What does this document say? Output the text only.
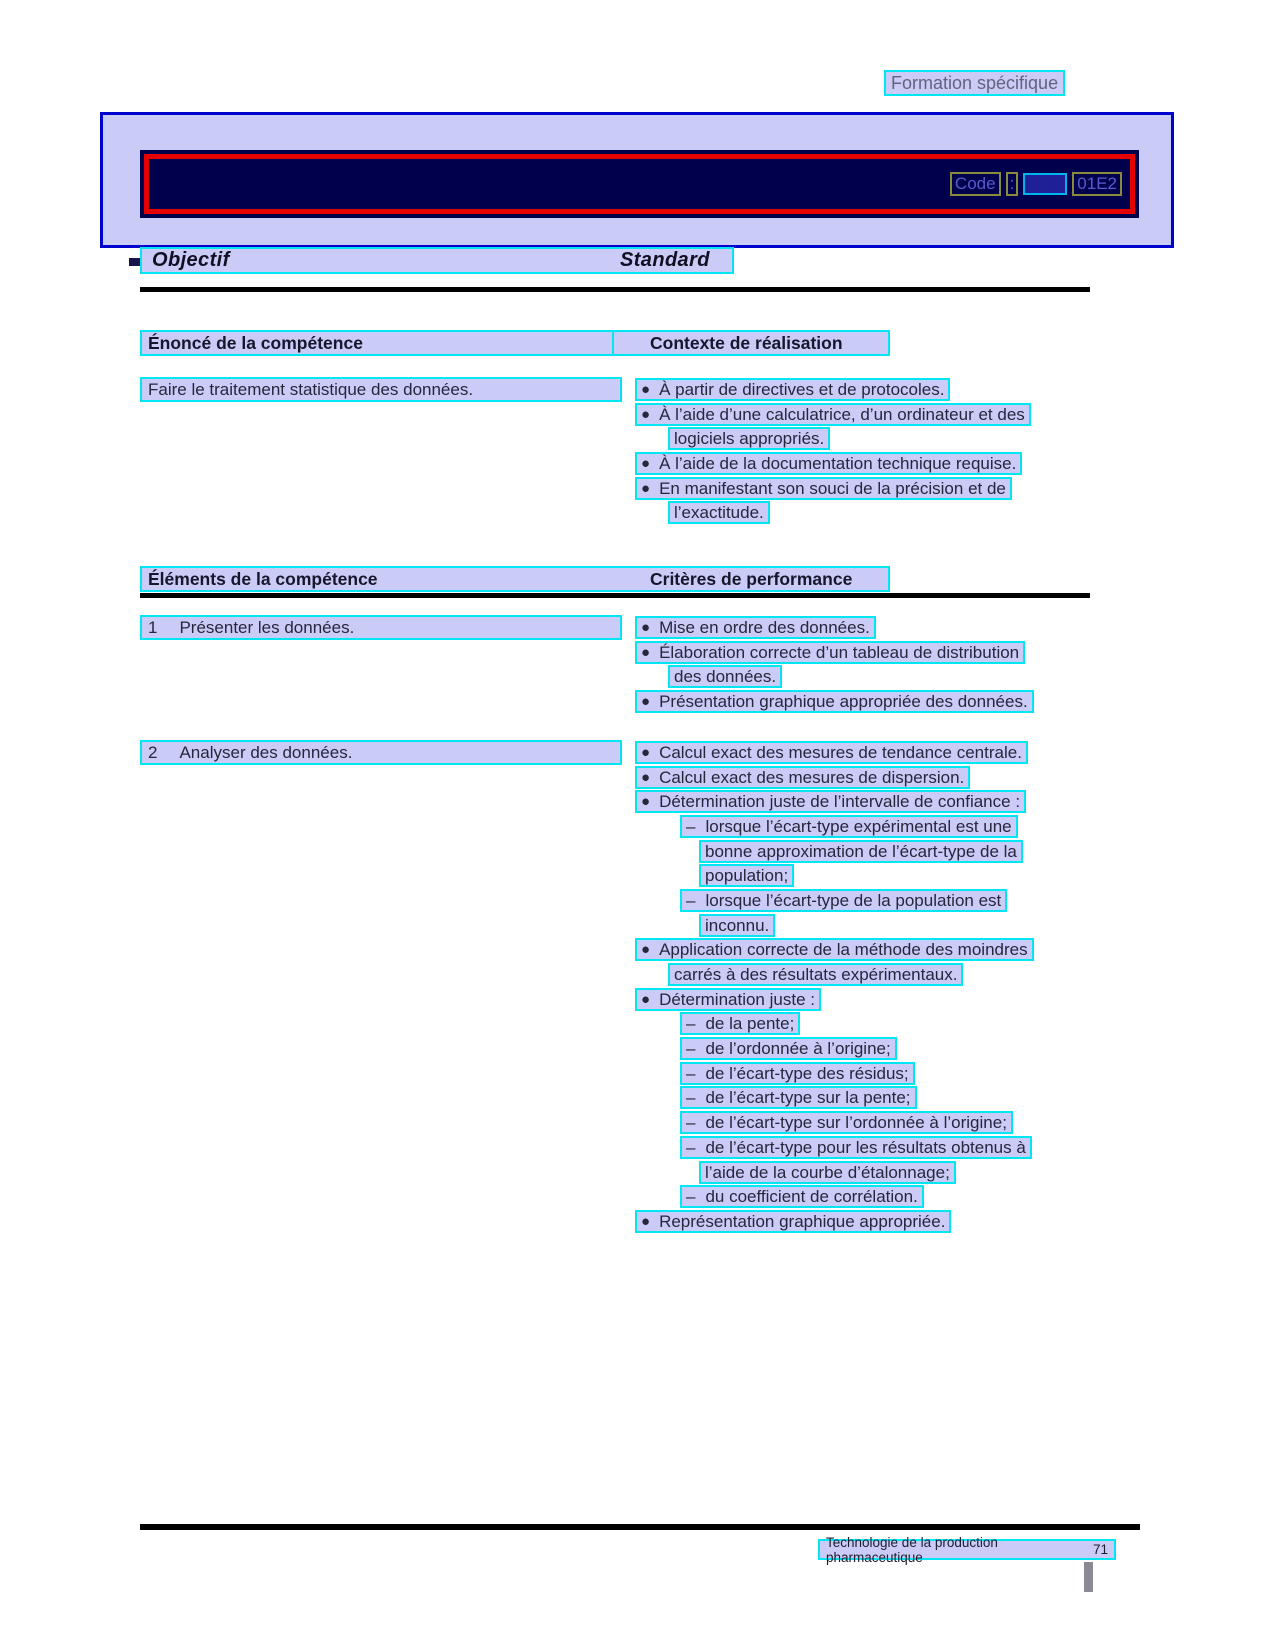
Formation spécifique
Code :	01E2
Objectif	Standard
Énoncé de la compétence	Contexte de réalisation
Faire le traitement statistique des données.	● À partir de directives et de protocoles.
● À l’aide d’une calculatrice, d’un ordinateur et des
logiciels appropriés.
● À l’aide de la documentation technique requise.
● En manifestant son souci de la précision et de
l’exactitude.
Éléments de la compétence	Critères de performance
1 Présenter les données.	● Mise en ordre des données.
● Élaboration correcte d’un tableau de distribution
des données.
● Présentation graphique appropriée des données.
2 Analyser des données.	● Calcul exact des mesures de tendance centrale.
● Calcul exact des mesures de dispersion.
● Détermination juste de l’intervalle de confiance :
– lorsque l’écart-type expérimental est une
bonne approximation de l’écart-type de la
population;
– lorsque l’écart-type de la population est
inconnu.
● Application correcte de la méthode des moindres
carrés à des résultats expérimentaux.
● Détermination juste :
– de la pente;
– de l’ordonnée à l’origine;
– de l’écart-type des résidus;
– de l’écart-type sur la pente;
– de l’écart-type sur l’ordonnée à l’origine;
– de l’écart-type pour les résultats obtenus à
l’aide de la courbe d’étalonnage;
– du coefficient de corrélation.
● Représentation graphique appropriée.
Technologie de la production pharmaceutique	71
